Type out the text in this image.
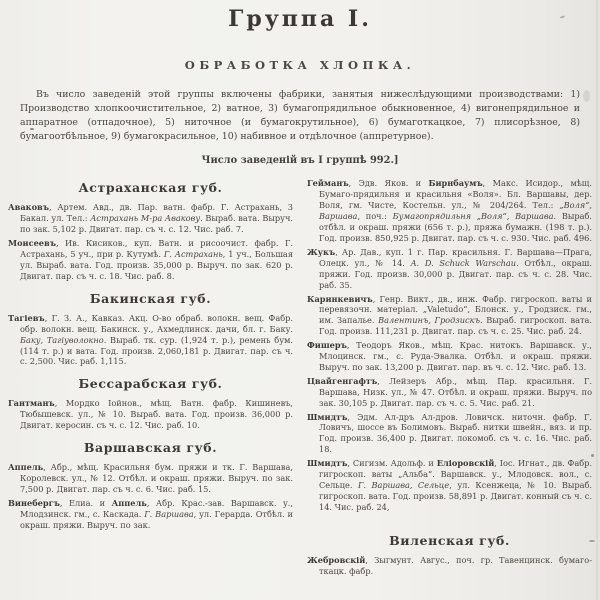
Группа I.
ОБРАБОТКА ХЛОПКА.

Въ число заведеній этой группы включены фабрики, занятыя нижеслѣдующими производствами: 1) Производство хлопкоочистительное, 2) ватное, 3) бумагопрядильное обыкновенное, 4) вигонепрядильное и аппаратное (отпадочное), 5) ниточное (и бумагокрутильное), 6) бумаготкацкое, 7) плисорѣзное, 8) бумагоотбѣльное, 9) бумагокрасильное, 10) набивное и отдѣлочное (аппретурное).

Число заведеній въ I группѣ 992.]

Астраханская губ.

Аваковъ, Артем. Авд., дв. Пар. ватн. фабр. Г. Астрахань, 3 Бакал. ул. Тел.: Астрахань М-ра Авакову. Выраб. вата. Выруч. по зак. 5,102 р. Двигат. пар. съ ч. с. 12. Чис. раб. 7.

Моисеевъ, Ив. Кисиков., куп. Ватн. и рисоочист. фабр. Г. Астрахань, 5 уч., при р. Кутумѣ. Г. Астрахань, 1 уч., Большая ул. Выраб. вата. Год. произв. 35,000 р. Выруч. по зак. 620 р. Двигат. пар. съ ч. с. 18. Чис. раб. 8.

Бакинская губ.

Тагіевъ, Г. З. А., Кавказ. Акц. О-во обраб. волокн. вещ. Фабр. обр. волокн. вещ. Бакинск. у., Ахмедлинск. дачи, бл. г. Баку. Баку, Тагіуволокно. Выраб. тк. сур. (1,924 т. р.), ремень бум. (114 т. р.) и вата. Год. произв. 2,060,181 р. Двигат. пар. съ ч. с. 2,500. Чис. раб. 1,115.

Бессарабская губ.

Гантманъ, Мордко Іойнов., мѣщ. Ватн. фабр. Кишиневъ, Тюбышевск. ул., № 10. Выраб. вата. Год. произв. 36,000 р. Двигат. керосин. съ ч. с. 12. Чис. раб. 10.

Варшавская губ.

Аппель, Абр., мѣщ. Красильня бум. пряжи и тк. Г. Варшава, Королевск. ул., № 12. Отбѣл. и окраш. пряжи. Выруч. по зак. 7,500 р. Двигат. пар. съ ч. с. 6. Чис. раб. 15.

Винебергъ, Елиа. и Аппель, Абр. Крас.-зав. Варшавск. у., Млодзинск. гм., с. Каскада. Г. Варшава, ул. Герарда. Отбѣл. и окраш. пряжи. Выруч. по зак.

Гейманъ, Эдв. Яков. и Бирнбаумъ, Макс. Исидор., мѣщ. Бумаго-прядильня и красильня «Воля». Бл. Варшавы, дер. Воля, гм. Чисте, Костельн. ул., № 204/264. Тел.: „Воля“, Варшава, поч.: Бумагопрядильня „Воля“, Варшава. Выраб. отбѣл. и окраш. пряжи (656 т. р.), пряжа бумажн. (198 т. р.). Год. произв. 850,925 р. Двигат. пар. съ ч. с. 930. Чис. раб. 496.

Жукъ, Ар. Дав., куп. 1 г. Пар. красильня. Г. Варшава—Прага, Олецк. ул., № 14. A. D. Schuck Warschau. Отбѣл., окраш. пряжи. Год. произв. 30,000 р. Двигат. пар. съ ч. с. 28. Чис. раб. 35.

Каринкевичъ, Генр. Викт., дв., инж. Фабр. гигроскоп. ваты и перевязочн. матеріал. „Valetudo“, Блонск. у., Гродзиск. гм., им. Запалье. Валентинъ, Гродзискъ. Выраб. гигроскоп. вата. Год. произв. 111,231 р. Двигат. пар. съ ч. с. 25. Чис. раб. 24.

Фишеръ, Теодоръ Яков., мѣщ. Крас. нитокъ. Варшавск. у., Млоцинск. гм., с. Руда-Эвалка. Отбѣл. и окраш. пряжи. Выруч. по зак. 13,200 р. Двигат. пар. въ ч. с. 12. Чис. раб. 13.

Цвайгенгафтъ, Лейзеръ Абр., мѣщ. Пар. красильня. Г. Варшава, Низк. ул., № 47. Отбѣл. и окраш. пряжи. Выруч. по зак. 30,105 р. Двигат. пар. съ ч. с. 5. Чис. раб. 21.

Шмидтъ, Эдм. Ал-дръ Ал-дров. Ловичск. ниточн. фабр. Г. Ловичъ, шоссе въ Болимовъ. Выраб. нитки швейн., вяз. и пр. Год. произв. 36,400 р. Двигат. локомоб. съ ч. с. 16. Чис. раб. 18.

Шмидтъ, Сигизм. Адольф. и Еліоровскій, Іос. Игнат., дв. Фабр. гигроскоп. ваты „Альба“. Варшавск. у., Млодовск. вол., с. Сельце. Г. Варшава, Сельце, ул. Ксенжеца, № 10. Выраб. гигроскоп. вата. Год. произв. 58,891 р. Двигат. конный съ ч. с. 14. Чис. раб. 24,

Виленская губ.

Жебровскій, Зыгмунт. Авгус., поч. гр. Тавенцинск. бумаго-ткацк. фабр.
